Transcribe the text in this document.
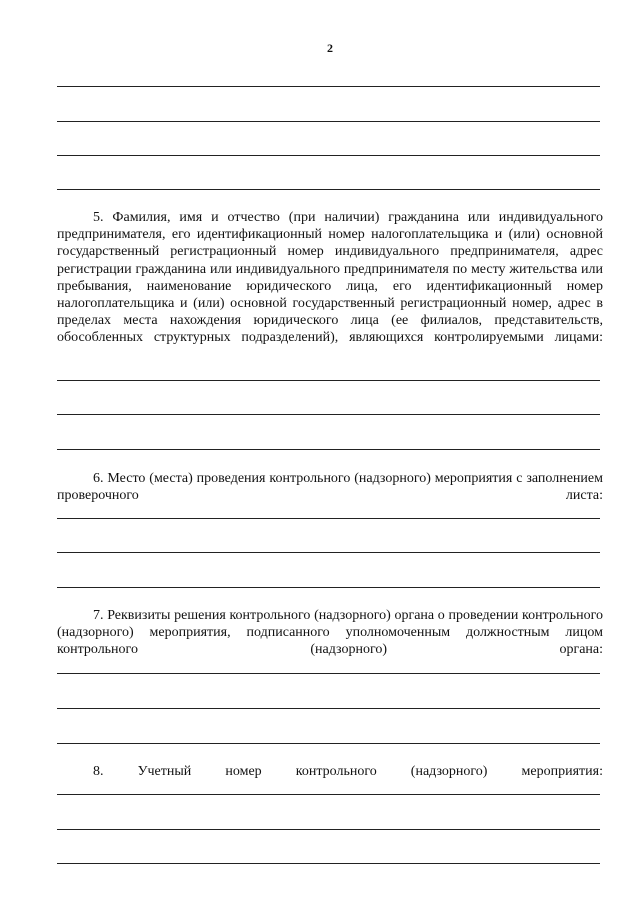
2

5. Фамилия, имя и отчество (при наличии) гражданина или индивидуального предпринимателя, его идентификационный номер налогоплательщика и (или) основной государственный регистрационный номер индивидуального предпринимателя, адрес регистрации гражданина или индивидуального предпринимателя по месту жительства или пребывания, наименование юридического лица, его идентификационный номер налогоплательщика и (или) основной государственный регистрационный номер, адрес в пределах места нахождения юридического лица (ее филиалов, представительств, обособленных структурных подразделений), являющихся контролируемыми лицами:

6. Место (места) проведения контрольного (надзорного) мероприятия с заполнением проверочного листа:

7. Реквизиты решения контрольного (надзорного) органа о проведении контрольного (надзорного) мероприятия, подписанного уполномоченным должностным лицом контрольного (надзорного) органа:

8. Учетный номер контрольного (надзорного) мероприятия:
